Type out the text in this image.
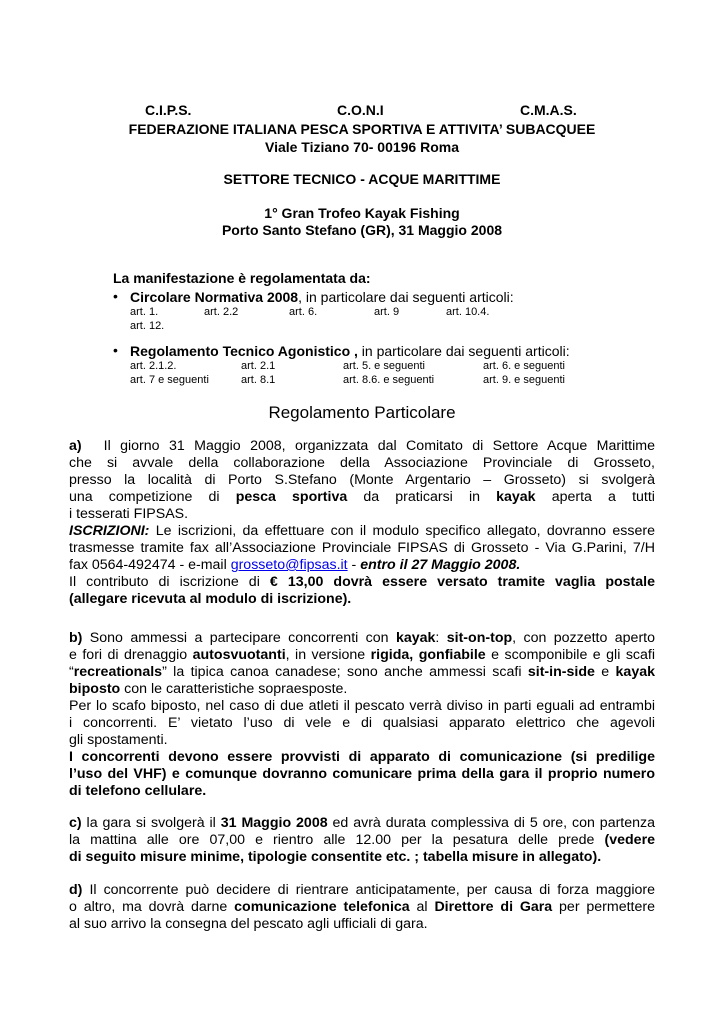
C.I.P.S.	C.O.N.I	C.M.A.S.
FEDERAZIONE ITALIANA PESCA SPORTIVA E ATTIVITA’ SUBACQUEE
Viale Tiziano 70- 00196 Roma
SETTORE TECNICO - ACQUE MARITTIME
1° Gran Trofeo Kayak Fishing
Porto Santo Stefano (GR), 31 Maggio 2008
La manifestazione è regolamentata da:
• Circolare Normativa 2008, in particolare dai seguenti articoli:
art. 1.	art. 2.2	art. 6.	art. 9	art. 10.4.
art. 12.
• Regolamento Tecnico Agonistico , in particolare dai seguenti articoli:
art. 2.1.2.	art. 2.1	art. 5. e seguenti	art. 6. e seguenti
art. 7 e seguenti	art. 8.1	art. 8.6. e seguenti	art. 9. e seguenti
Regolamento Particolare
a) Il giorno 31 Maggio 2008, organizzata dal Comitato di Settore Acque Marittime
che si avvale della collaborazione della Associazione Provinciale di Grosseto,
presso la località di Porto S.Stefano (Monte Argentario – Grosseto) si svolgerà
una competizione di pesca sportiva da praticarsi in kayak aperta a tutti
i tesserati FIPSAS.
ISCRIZIONI: Le iscrizioni, da effettuare con il modulo specifico allegato, dovranno essere
trasmesse tramite fax all’Associazione Provinciale FIPSAS di Grosseto - Via G.Parini, 7/H
fax 0564-492474 - e-mail grosseto@fipsas.it - entro il 27 Maggio 2008.
Il contributo di iscrizione di € 13,00 dovrà essere versato tramite vaglia postale
(allegare ricevuta al modulo di iscrizione).
b) Sono ammessi a partecipare concorrenti con kayak: sit-on-top, con pozzetto aperto
e fori di drenaggio autosvuotanti, in versione rigida, gonfiabile e scomponibile e gli scafi
“recreationals” la tipica canoa canadese; sono anche ammessi scafi sit-in-side e kayak
biposto con le caratteristiche sopraesposte.
Per lo scafo biposto, nel caso di due atleti il pescato verrà diviso in parti eguali ad entrambi
i concorrenti. E’ vietato l’uso di vele e di qualsiasi apparato elettrico che agevoli
gli spostamenti.
I concorrenti devono essere provvisti di apparato di comunicazione (si predilige
l’uso del VHF) e comunque dovranno comunicare prima della gara il proprio numero
di telefono cellulare.
c) la gara si svolgerà il 31 Maggio 2008 ed avrà durata complessiva di 5 ore, con partenza
la mattina alle ore 07,00 e rientro alle 12.00 per la pesatura delle prede (vedere
di seguito misure minime, tipologie consentite etc. ; tabella misure in allegato).
d) Il concorrente può decidere di rientrare anticipatamente, per causa di forza maggiore
o altro, ma dovrà darne comunicazione telefonica al Direttore di Gara per permettere
al suo arrivo la consegna del pescato agli ufficiali di gara.
